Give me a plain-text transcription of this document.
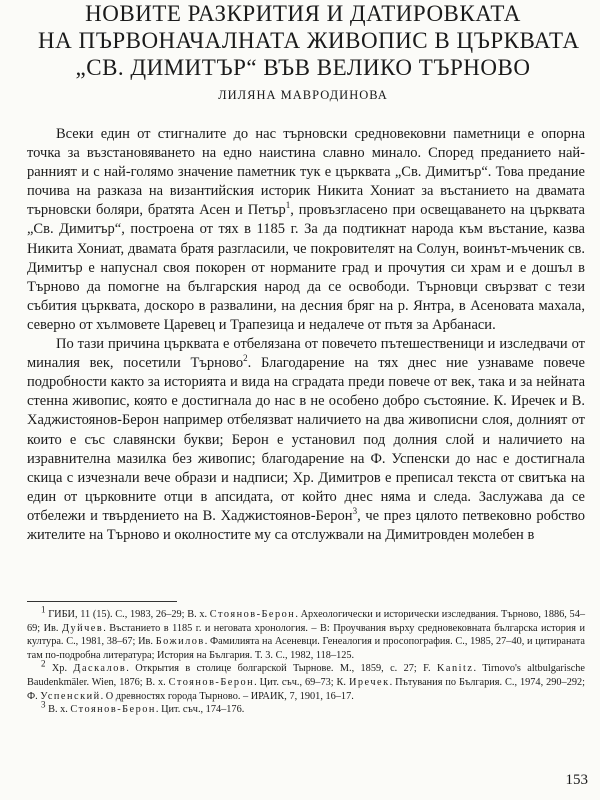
НОВИТЕ РАЗКРИТИЯ И ДАТИРОВКАТА
НА ПЪРВОНАЧАЛНАТА ЖИВОПИС В ЦЪРКВАТА
„СВ. ДИМИТЪР“ ВЪВ ВЕЛИКО ТЪРНОВО
ЛИЛЯНА МАВРОДИНОВА

Всеки един от стигналите до нас търновски средновековни паметници е опорна точка за възстановяването на едно наистина славно минало. Според преданието най-ранният и с най-голямо значение паметник тук е църквата „Св. Димитър“. Това предание почива на разказа на византийския историк Никита Хониат за въстанието на двамата търновски боляри, братята Асен и Петър$^1$, провъзгласено при освещаването на църквата „Св. Димитър“, построена от тях в 1185 г. За да подтикнат народа към въстание, казва Никита Хониат, двамата братя разгласили, че покровителят на Солун, воинът-мъченик св. Димитър е напуснал своя покорен от норманите град и прочутия си храм и е дошъл в Търново да помогне на българския народ да се освободи. Търновци свързват с тези събития църквата, доскоро в развалини, на десния бряг на р. Янтра, в Асеновата махала, северно от хълмовете Царевец и Трапезица и недалече от пътя за Арбанаси.

По тази причина църквата е отбелязана от повечето пътешественици и изследвачи от миналия век, посетили Търново$^2$. Благодарение на тях днес ние узнаваме повече подробности както за историята и вида на сградата преди повече от век, така и за нейната стенна живопис, която е достигнала до нас в не особено добро състояние. К. Иречек и В. Хаджистоянов-Берон например отбелязват наличието на два живописни слоя, долният от които е със славянски букви; Берон е установил под долния слой и наличието на изравнителна мазилка без живопис; благодарение на Ф. Успенски до нас е достигнала скица с изчезнали вече образи и надписи; Хр. Димитров е преписал текста от свитъка на един от църковните отци в апсидата, от който днес няма и следа. Заслужава да се отбележи и твърдението на В. Хаджистоянов-Берон$^3$, че през цялото петвековно робство жителите на Търново и околностите му са отслужвали на Димитровден молебен в

$^1$ ГИБИ, 11 (15). С., 1983, 26–29; В. х. Стоянов-Берон. Археологически и исторически изследвания. Търново, 1886, 54–69; Ив. Дуйчев. Въстанието в 1185 г. и неговата хронология. – В: Проучвания върху средновековната българска история и култура. С., 1981, 38–67; Ив. Божилов. Фамилията на Асеневци. Генеалогия и просопография. С., 1985, 27–40, и цитираната там по-подробна литература; История на България. Т. 3. С., 1982, 118–125.

$^2$ Хр. Даскалов. Открытия в столице болгарской Тырнове. М., 1859, с. 27; F. Kanitz. Tirnovo's altbulgarische Baudenkmäler. Wien, 1876; В. х. Стоянов-Берон. Цит. съч., 69–73; К. Иречек. Пътувания по България. С., 1974, 290–292; Ф. Успенский. О древностях города Тырново. – ИРАИК, 7, 1901, 16–17.

$^3$ В. х. Стоянов-Берон. Цит. съч., 174–176.

153
